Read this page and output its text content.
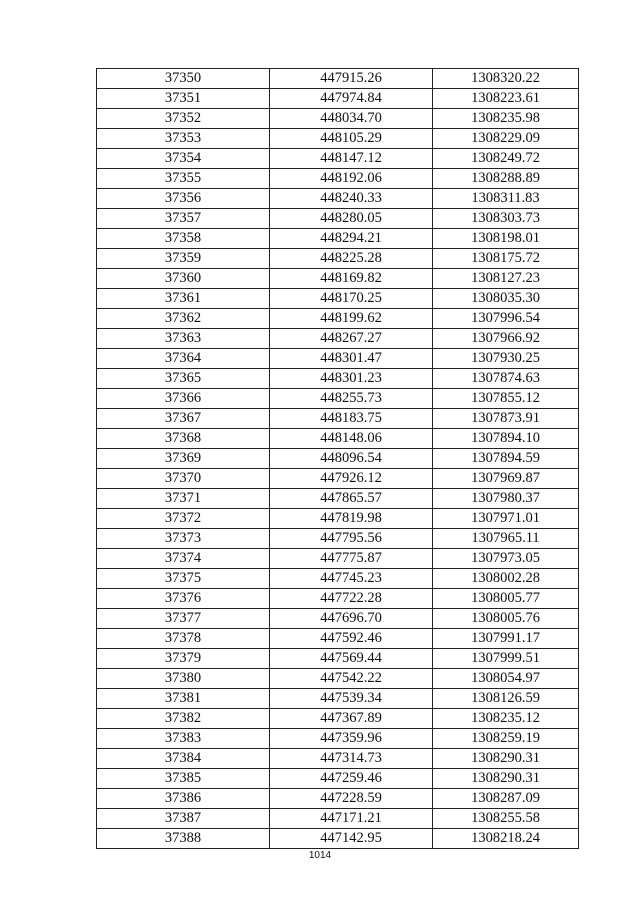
37350	447915.26	1308320.22
37351	447974.84	1308223.61
37352	448034.70	1308235.98
37353	448105.29	1308229.09
37354	448147.12	1308249.72
37355	448192.06	1308288.89
37356	448240.33	1308311.83
37357	448280.05	1308303.73
37358	448294.21	1308198.01
37359	448225.28	1308175.72
37360	448169.82	1308127.23
37361	448170.25	1308035.30
37362	448199.62	1307996.54
37363	448267.27	1307966.92
37364	448301.47	1307930.25
37365	448301.23	1307874.63
37366	448255.73	1307855.12
37367	448183.75	1307873.91
37368	448148.06	1307894.10
37369	448096.54	1307894.59
37370	447926.12	1307969.87
37371	447865.57	1307980.37
37372	447819.98	1307971.01
37373	447795.56	1307965.11
37374	447775.87	1307973.05
37375	447745.23	1308002.28
37376	447722.28	1308005.77
37377	447696.70	1308005.76
37378	447592.46	1307991.17
37379	447569.44	1307999.51
37380	447542.22	1308054.97
37381	447539.34	1308126.59
37382	447367.89	1308235.12
37383	447359.96	1308259.19
37384	447314.73	1308290.31
37385	447259.46	1308290.31
37386	447228.59	1308287.09
37387	447171.21	1308255.58
37388	447142.95	1308218.24
1014
